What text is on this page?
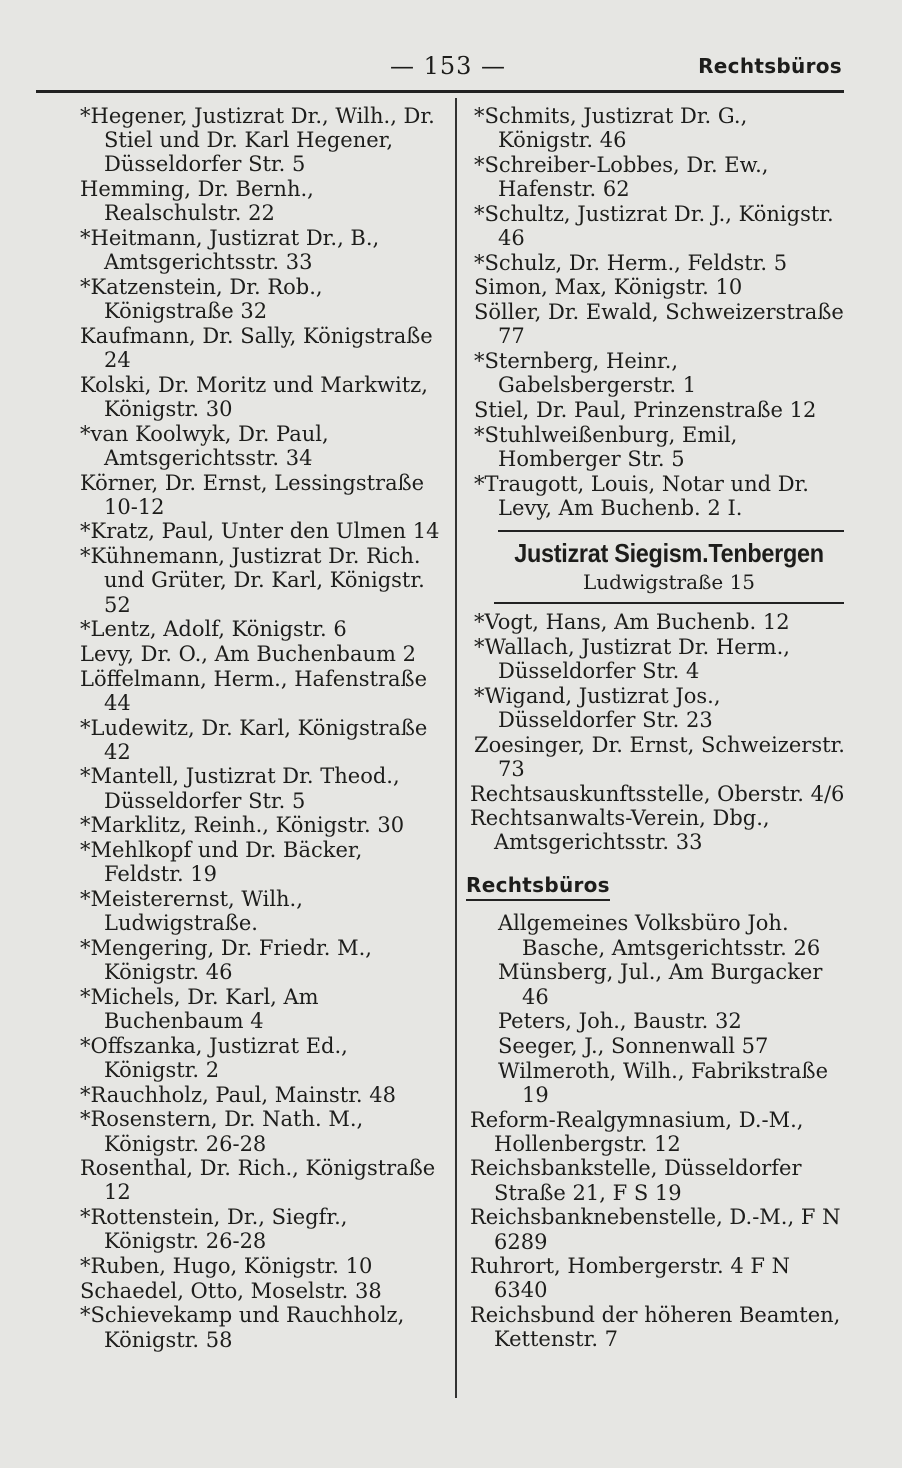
— 153 —	Rechtsbüros
*Hegener, Justizrat Dr., Wilh., Dr. Stiel und Dr. Karl Hegener, Düsseldorfer Str. 5
Hemming, Dr. Bernh., Realschulstr. 22
*Heitmann, Justizrat Dr., B., Amtsgerichtsstr. 33
*Katzenstein, Dr. Rob., Königstraße 32
Kaufmann, Dr. Sally, Königstraße 24
Kolski, Dr. Moritz und Markwitz, Königstr. 30
*van Koolwyk, Dr. Paul, Amtsgerichtsstr. 34
Körner, Dr. Ernst, Lessingstraße 10-12
*Kratz, Paul, Unter den Ulmen 14
*Kühnemann, Justizrat Dr. Rich. und Grüter, Dr. Karl, Königstr. 52
*Lentz, Adolf, Königstr. 6
Levy, Dr. O., Am Buchenbaum 2
Löffelmann, Herm., Hafenstraße 44
*Ludewitz, Dr. Karl, Königstraße 42
*Mantell, Justizrat Dr. Theod., Düsseldorfer Str. 5
*Marklitz, Reinh., Königstr. 30
*Mehlkopf und Dr. Bäcker, Feldstr. 19
*Meisterernst, Wilh., Ludwigstraße.
*Mengering, Dr. Friedr. M., Königstr. 46
*Michels, Dr. Karl, Am Buchenbaum 4
*Offszanka, Justizrat Ed., Königstr. 2
*Rauchholz, Paul, Mainstr. 48
*Rosenstern, Dr. Nath. M., Königstr. 26-28
Rosenthal, Dr. Rich., Königstraße 12
*Rottenstein, Dr., Siegfr., Königstr. 26-28
*Ruben, Hugo, Königstr. 10
Schaedel, Otto, Moselstr. 38
*Schievekamp und Rauchholz, Königstr. 58
*Schmits, Justizrat Dr. G., Königstr. 46
*Schreiber-Lobbes, Dr. Ew., Hafenstr. 62
*Schultz, Justizrat Dr. J., Königstr. 46
*Schulz, Dr. Herm., Feldstr. 5
Simon, Max, Königstr. 10
Söller, Dr. Ewald, Schweizerstraße 77
*Sternberg, Heinr., Gabelsbergerstr. 1
Stiel, Dr. Paul, Prinzenstraße 12
*Stuhlweißenburg, Emil, Homberger Str. 5
*Traugott, Louis, Notar und Dr. Levy, Am Buchenb. 2 I.
Justizrat Siegism.Tenbergen
Ludwigstraße 15
*Vogt, Hans, Am Buchenb. 12
*Wallach, Justizrat Dr. Herm., Düsseldorfer Str. 4
*Wigand, Justizrat Jos., Düsseldorfer Str. 23
Zoesinger, Dr. Ernst, Schweizerstr. 73
Rechtsauskunftsstelle, Oberstr. 4/6
Rechtsanwalts-Verein, Dbg., Amtsgerichtsstr. 33
Rechtsbüros
Allgemeines Volksbüro Joh. Basche, Amtsgerichtsstr. 26
Münsberg, Jul., Am Burgacker 46
Peters, Joh., Baustr. 32
Seeger, J., Sonnenwall 57
Wilmeroth, Wilh., Fabrikstraße 19
Reform-Realgymnasium, D.-M., Hollenbergstr. 12
Reichsbankstelle, Düsseldorfer Straße 21, F S 19
Reichsbanknebenstelle, D.-M., F N 6289
Ruhrort, Hombergerstr. 4 F N 6340
Reichsbund der höheren Beamten, Kettenstr. 7
